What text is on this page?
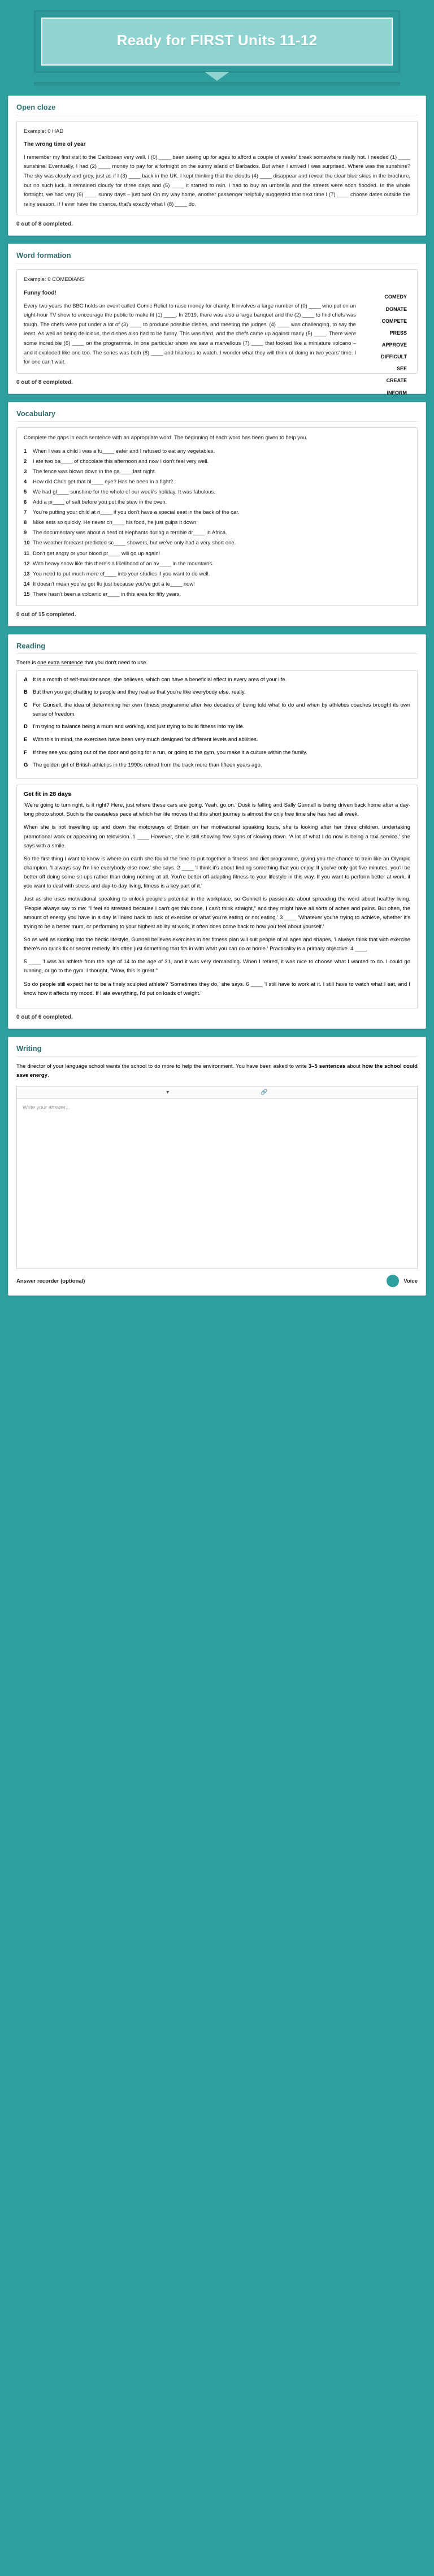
Ready for FIRST Units 11-12
Open cloze
Example: 0 HAD
The wrong time of year
I remember my first visit to the Caribbean very well. I (0) ____ been saving up for ages to afford a couple of weeks' break somewhere really hot. I needed (1) ____ sunshine! Eventually, I had (2) ____ money to pay for a fortnight on the sunny island of Barbados. But when I arrived I was surprised. Where was the sunshine? The sky was cloudy and grey, just as if I (3) ____ back in the UK. I kept thinking that the clouds (4) ____ disappear and reveal the clear blue skies in the brochure, but no such luck. It remained cloudy for three days and (5) ____ it started to rain. I had to buy an umbrella and the streets were soon flooded. In the whole fortnight, we had very (6) ____ sunny days – just two! On my way home, another passenger helpfully suggested that next time I (7) ____ choose dates outside the rainy season. If I ever have the chance, that's exactly what I (8) ____ do.
0 out of 8 completed.
Word formation
Example: 0 COMEDIANS
Funny food!
Every two years the BBC holds an event called Comic Relief to raise money for charity. It involves a large number of (0) ____ who put on an eight-hour TV show to encourage the public to make fit (1) ____. In 2019, there was also a large banquet and the (2) ____ to find chefs was tough. The chefs were put under a lot of (3) ____ to produce possible dishes, and meeting the judges' (4) ____ was challenging, to say the least. As well as being delicious, the dishes also had to be funny. This was hard, and the chefs came up against many (5) ____. There were some incredible (6) ____ on the programme. In one particular show we saw a marvellous (7) ____ that looked like a miniature volcano – and it exploded like one too. The series was both (8) ____ and hilarious to watch. I wonder what they will think of doing in two years' time. I for one can't wait.
COMEDY
DONATE
COMPETE
PRESS
APPROVE
DIFFICULT
SEE
CREATE
INFORM
0 out of 8 completed.
Vocabulary
Complete the gaps in each sentence with an appropriate word. The beginning of each word has been given to help you.
1	When I was a child I was a fu____ eater and I refused to eat any vegetables.
2	I ate two ba____ of chocolate this afternoon and now I don't feel very well.
3	The fence was blown down in the ga____ last night.
4	How did Chris get that bl____ eye? Has he been in a fight?
5	We had gl____ sunshine for the whole of our week's holiday. It was fabulous.
6	Add a pi____ of salt before you put the stew in the oven.
7	You're putting your child at ri____ if you don't have a special seat in the back of the car.
8	Mike eats so quickly. He never ch____ his food, he just gulps it down.
9	The documentary was about a herd of elephants during a terrible dr____ in Africa.
10 The weather forecast predicted sc____ showers, but we've only had a very short one.
11 Don't get angry or your blood pr____ will go up again!
12 With heavy snow like this there's a likelihood of an av____ in the mountains.
13 You need to put much more ef____ into your studies if you want to do well.
14 It doesn't mean you've got flu just because you've got a te____ now!
15 There hasn't been a volcanic er____ in this area for fifty years.
0 out of 15 completed.
Reading
There is one extra sentence that you don't need to use.
A It is a month of self-maintenance, she believes, which can have a beneficial effect in every area of your life.
B But then you get chatting to people and they realise that you're like everybody else, really.
C For Gunsell, the idea of determining her own fitness programme after two decades of being told what to do and when by athletics coaches brought its own sense of freedom.
D I'm trying to balance being a mum and working, and just trying to build fitness into my life.
E	With this in mind, the exercises have been very much designed for different levels and abilities.
F	If they see you going out of the door and going for a run, or going to the gym, you make it a culture within the family.
G The golden girl of British athletics in the 1990s retired from the track more than fifteen years ago.
Get fit in 28 days

'We're going to turn right, is it right? Here, just where these cars are going. Yeah, go on.' Dusk is falling and Sally Gunnell is being driven back home after a day-long photo shoot. Such is the ceaseless pace at which her life moves that this short journey is almost the only free time she has had all week.

When she is not travelling up and down the motorways of Britain on her motivational speaking tours, she is looking after her three children, undertaking promotional work or appearing on television. 1 ____ However, she is still showing few signs of slowing down. 'A lot of what I do now is being a taxi service,' she says with a smile.

So the first thing I want to know is where on earth she found the time to put together a fitness and diet programme, giving you the chance to train like an Olympic champion. 'I always say I'm like everybody else now,' she says. 2 ____ 'I think it's about finding something that you enjoy. If you've only got five minutes, you'll be better off doing some sit-ups rather than doing nothing at all. You're better off adapting fitness to your lifestyle in this way. If you want to perform better at work, if you want to deal with stress and day-to-day living, fitness is a key part of it.'

Just as she uses motivational speaking to unlock people's potential in the workplace, so Gunnell is passionate about spreading the word about healthy living. 'People always say to me: "I feel so stressed because I can't get this done, I can't think straight," and they might have all sorts of aches and pains. But often, the amount of energy you have in a day is linked back to lack of exercise or what you're eating or not eating.' 3 ____ 'Whatever you're trying to achieve, whether it's trying to be a better mum, or performing to your highest ability at work, it often does come back to how you feel about yourself.'

So as well as slotting into the hectic lifestyle, Gunnell believes exercises in her fitness plan will suit people of all ages and shapes. 'I always think that with exercise there's no quick fix or secret remedy. It's often just something that fits in with what you can do at home.' Practicality is a primary objective. 4 ____

5 ____ 'I was an athlete from the age of 14 to the age of 31, and it was very demanding. When I retired, it was nice to choose what I wanted to do. I could go running, or go to the gym. I thought, "Wow, this is great."'

So do people still expect her to be a finely sculpted athlete? 'Sometimes they do,' she says. 6 ____ 'I still have to work at it. I still have to watch what I eat, and I know how it affects my mood. If I ate everything, I'd put on loads of weight.'

0 out of 6 completed.
Writing
The director of your language school wants the school to do more to help the environment. You have been asked to write 3–5 sentences about how the school could save energy.
▾	🔗
Write your answer...
Answer recorder (optional)	Voice
